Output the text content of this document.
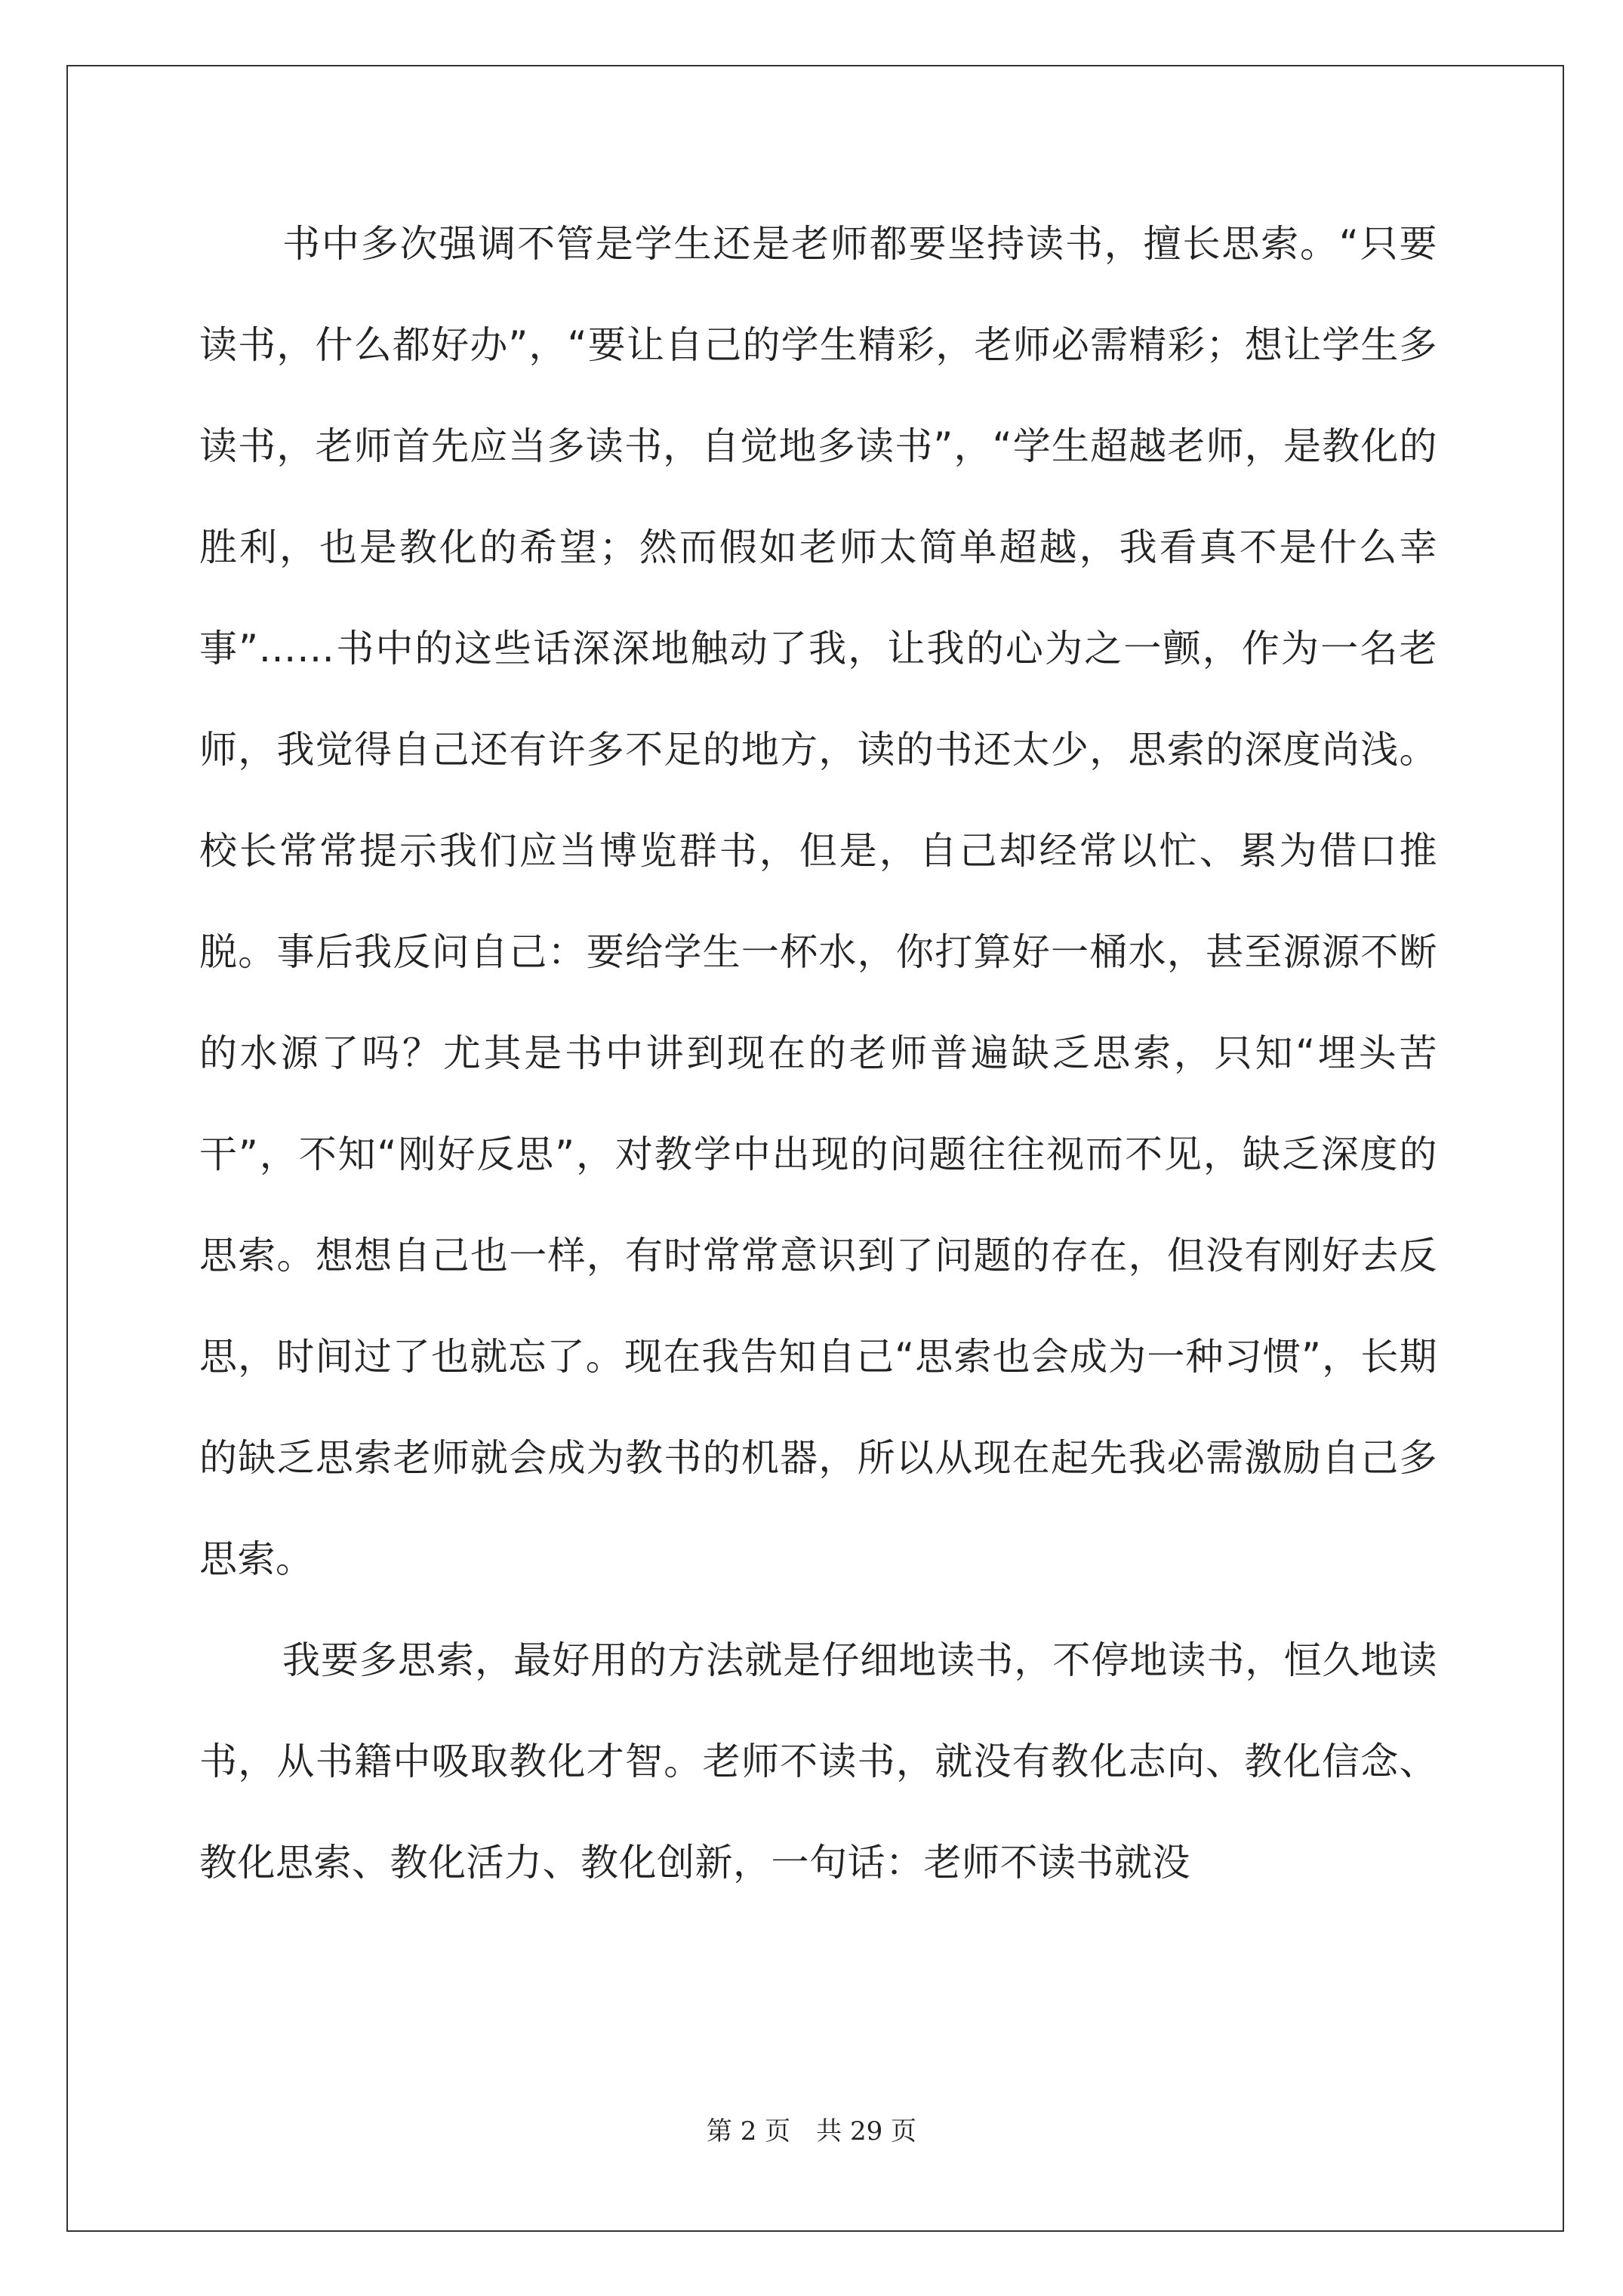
书中多次强调不管是学生还是老师都要坚持读书，擅长思索。“只要读书，什么都好办”，“要让自己的学生精彩，老师必需精彩；想让学生多读书，老师首先应当多读书，自觉地多读书”，“学生超越老师，是教化的胜利，也是教化的希望；然而假如老师太简单超越，我看真不是什么幸事”……书中的这些话深深地触动了我，让我的心为之一颤，作为一名老师，我觉得自己还有许多不足的地方，读的书还太少，思索的深度尚浅。校长常常提示我们应当博览群书，但是，自己却经常以忙、累为借口推脱。事后我反问自己：要给学生一杯水，你打算好一桶水，甚至源源不断的水源了吗？尤其是书中讲到现在的老师普遍缺乏思索，只知“埋头苦干”，不知“刚好反思”，对教学中出现的问题往往视而不见，缺乏深度的思索。想想自己也一样，有时常常意识到了问题的存在，但没有刚好去反思，时间过了也就忘了。现在我告知自己“思索也会成为一种习惯”，长期的缺乏思索老师就会成为教书的机器，所以从现在起先我必需激励自己多思索。

我要多思索，最好用的方法就是仔细地读书，不停地读书，恒久地读书，从书籍中吸取教化才智。老师不读书，就没有教化志向、教化信念、教化思索、教化活力、教化创新，一句话：老师不读书就没

第 2 页　共 29 页
